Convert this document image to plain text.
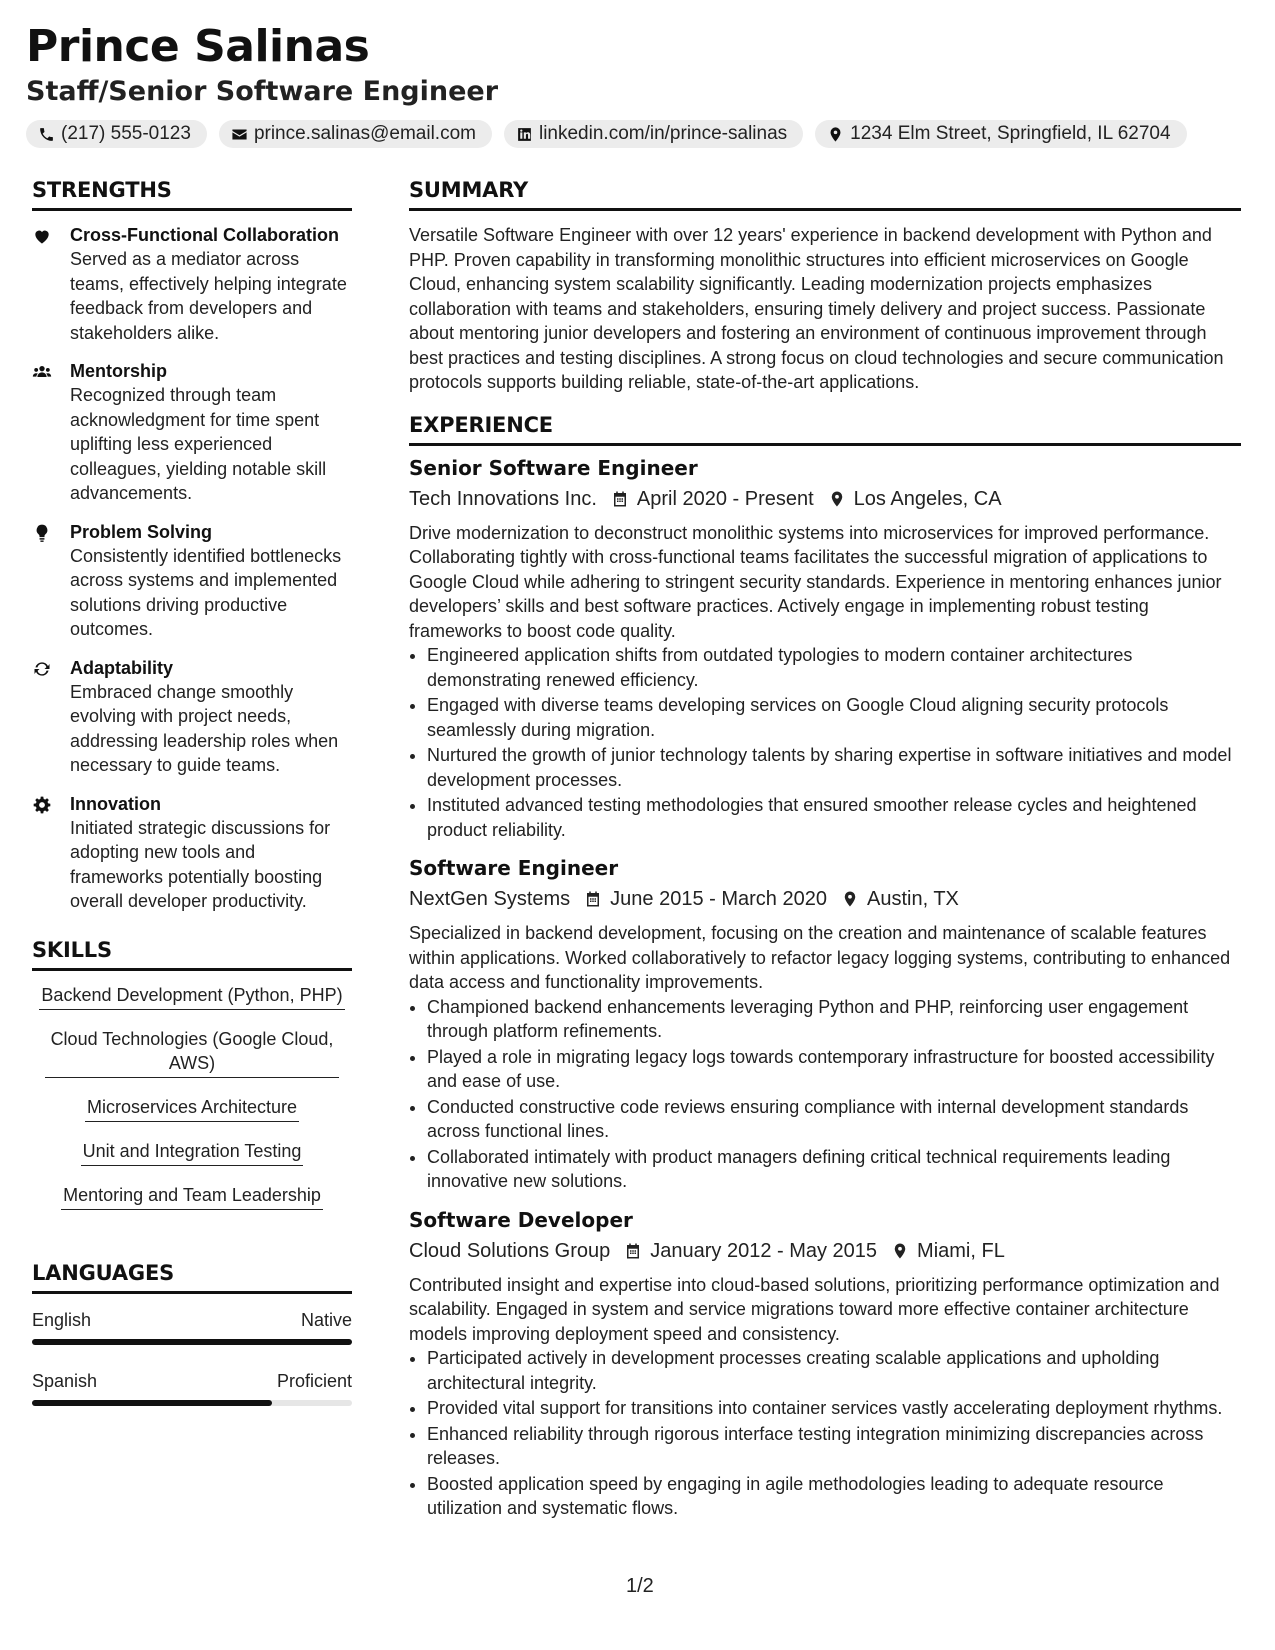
Prince Salinas
Staff/Senior Software Engineer
(217) 555-0123	prince.salinas@email.com	linkedin.com/in/prince-salinas	1234 Elm Street, Springfield, IL 62704
STRENGTHS
Cross-Functional Collaboration
Served as a mediator across teams, effectively helping integrate feedback from developers and stakeholders alike.
Mentorship
Recognized through team acknowledgment for time spent uplifting less experienced colleagues, yielding notable skill advancements.
Problem Solving
Consistently identified bottlenecks across systems and implemented solutions driving productive outcomes.
Adaptability
Embraced change smoothly evolving with project needs, addressing leadership roles when necessary to guide teams.
Innovation
Initiated strategic discussions for adopting new tools and frameworks potentially boosting overall developer productivity.
SKILLS
Backend Development (Python, PHP)
Cloud Technologies (Google Cloud, AWS)
Microservices Architecture
Unit and Integration Testing
Mentoring and Team Leadership
LANGUAGES
English	Native
Spanish	Proficient
SUMMARY

Versatile Software Engineer with over 12 years' experience in backend development with Python and PHP. Proven capability in transforming monolithic structures into efficient microservices on Google Cloud, enhancing system scalability significantly. Leading modernization projects emphasizes collaboration with teams and stakeholders, ensuring timely delivery and project success. Passionate about mentoring junior developers and fostering an environment of continuous improvement through best practices and testing disciplines. A strong focus on cloud technologies and secure communication protocols supports building reliable, state-of-the-art applications.

EXPERIENCE
Senior Software Engineer
Tech Innovations Inc. April 2020 - Present Los Angeles, CA

Drive modernization to deconstruct monolithic systems into microservices for improved performance. Collaborating tightly with cross-functional teams facilitates the successful migration of applications to Google Cloud while adhering to stringent security standards. Experience in mentoring enhances junior developers’ skills and best software practices. Actively engage in implementing robust testing frameworks to boost code quality.

• Engineered application shifts from outdated typologies to modern container architectures demonstrating renewed efficiency.
• Engaged with diverse teams developing services on Google Cloud aligning security protocols seamlessly during migration.
• Nurtured the growth of junior technology talents by sharing expertise in software initiatives and model development processes.
• Instituted advanced testing methodologies that ensured smoother release cycles and heightened product reliability.
Software Engineer
NextGen Systems June 2015 - March 2020 Austin, TX

Specialized in backend development, focusing on the creation and maintenance of scalable features within applications. Worked collaboratively to refactor legacy logging systems, contributing to enhanced data access and functionality improvements.

• Championed backend enhancements leveraging Python and PHP, reinforcing user engagement through platform refinements.
• Played a role in migrating legacy logs towards contemporary infrastructure for boosted accessibility and ease of use.
• Conducted constructive code reviews ensuring compliance with internal development standards across functional lines.
• Collaborated intimately with product managers defining critical technical requirements leading innovative new solutions.
Software Developer
Cloud Solutions Group January 2012 - May 2015 Miami, FL

Contributed insight and expertise into cloud-based solutions, prioritizing performance optimization and scalability. Engaged in system and service migrations toward more effective container architecture models improving deployment speed and consistency.

• Participated actively in development processes creating scalable applications and upholding architectural integrity.
• Provided vital support for transitions into container services vastly accelerating deployment rhythms.
• Enhanced reliability through rigorous interface testing integration minimizing discrepancies across releases.
• Boosted application speed by engaging in agile methodologies leading to adequate resource utilization and systematic flows.
1/2
